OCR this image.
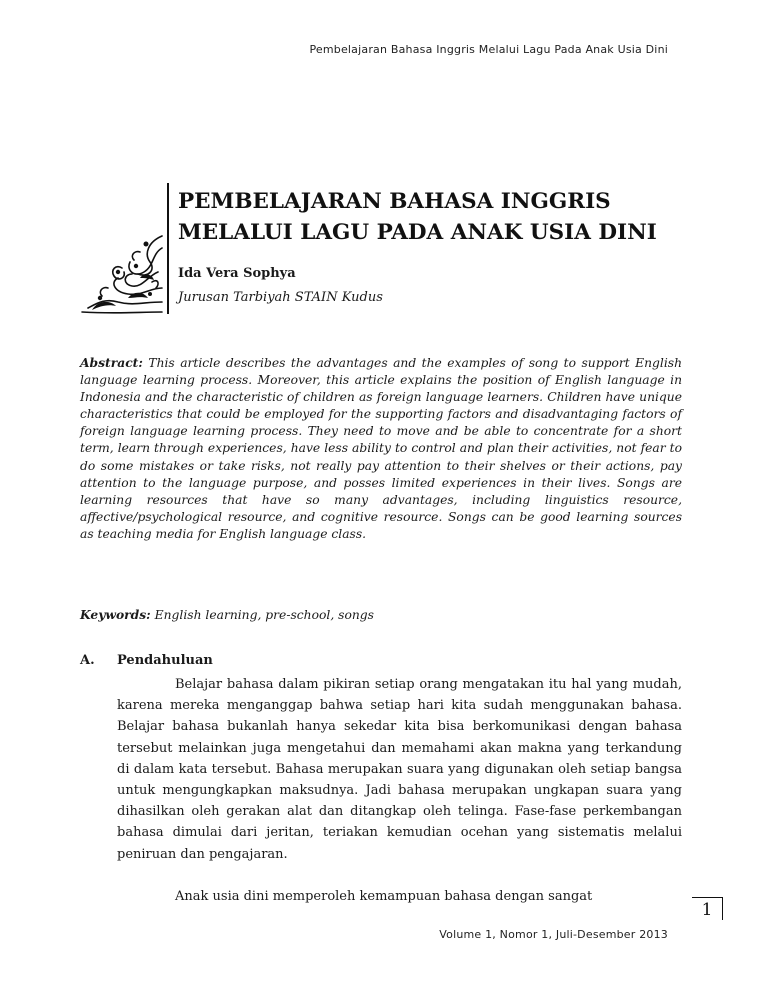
Pembelajaran Bahasa Inggris Melalui Lagu Pada Anak Usia Dini
PEMBELAJARAN BAHASA INGGRIS MELALUI LAGU PADA ANAK USIA DINI

Ida Vera Sophya

Jurusan Tarbiyah STAIN Kudus

Abstract: This article describes the advantages and the examples of song to support English language learning process. Moreover, this article explains the position of English language in Indonesia and the characteristic of children as foreign language learners. Children have unique characteristics that could be employed for the supporting factors and disadvantaging factors of foreign language learning process. They need to move and be able to concentrate for a short term, learn through experiences, have less ability to control and plan their activities, not fear to do some mistakes or take risks, not really pay attention to their shelves or their actions, pay attention to the language purpose, and posses limited experiences in their lives. Songs are learning resources that have so many advantages, including linguistics resource, affective/psychological resource, and cognitive resource. Songs can be good learning sources as teaching media for English language class.

Keywords: English learning, pre-school, songs

A. Pendahuluan

Belajar bahasa dalam pikiran setiap orang mengatakan itu hal yang mudah, karena mereka menganggap bahwa setiap hari kita sudah menggunakan bahasa. Belajar bahasa bukanlah hanya sekedar kita bisa berkomunikasi dengan bahasa tersebut melainkan juga mengetahui dan memahami akan makna yang terkandung di dalam kata tersebut. Bahasa merupakan suara yang digunakan oleh setiap bangsa untuk mengungkapkan maksudnya. Jadi bahasa merupakan ungkapan suara yang dihasilkan oleh gerakan alat dan ditangkap oleh telinga. Fase-fase perkembangan bahasa dimulai dari jeritan, teriakan kemudian ocehan yang sistematis melalui peniruan dan pengajaran.

Anak usia dini memperoleh kemampuan bahasa dengan sangat

1
Volume 1, Nomor 1, Juli-Desember 2013
